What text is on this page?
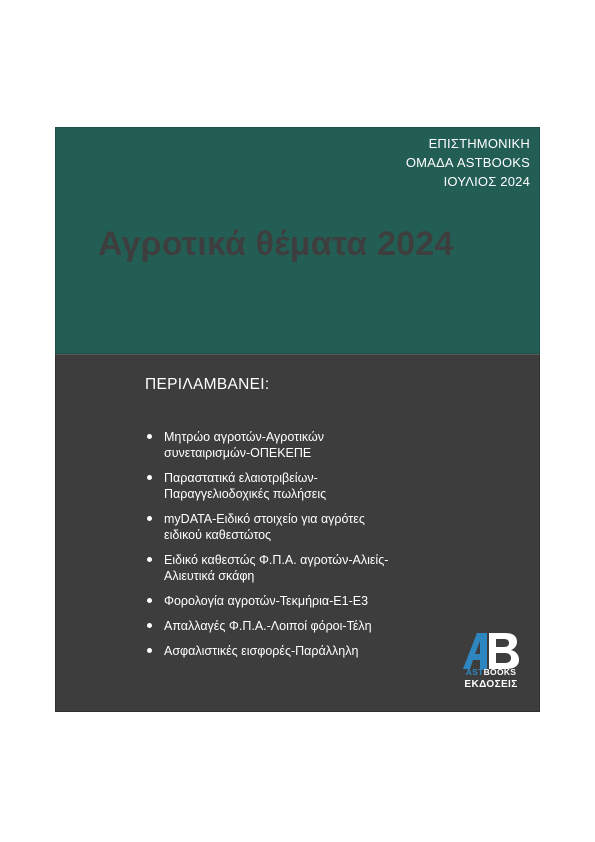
ΕΠΙΣΤΗΜΟΝΙΚΗ
ΟΜΑΔΑ ASTBOOKS
ΙΟΥΛΙΟΣ 2024
Αγροτικά θέματα 2024
ΠΕΡΙΛΑΜΒΑΝΕΙ:
Μητρώο αγροτών-Αγροτικών
συνεταιρισμών-ΟΠΕΚΕΠΕ
Παραστατικά ελαιοτριβείων-
Παραγγελιοδοχικές πωλήσεις
myDATA-Ειδικό στοιχείο για αγρότες
ειδικού καθεστώτος
Ειδικό καθεστώς Φ.Π.Α. αγροτών-Αλιείς-
Αλιευτικά σκάφη
Φορολογία αγροτών-Τεκμήρια-Ε1-Ε3
Απαλλαγές Φ.Π.Α.-Λοιποί φόροι-Τέλη
Ασφαλιστικές εισφορές-Παράλληλη
ASTBOOKS
ΕΚΔΟΣΕΙΣ
